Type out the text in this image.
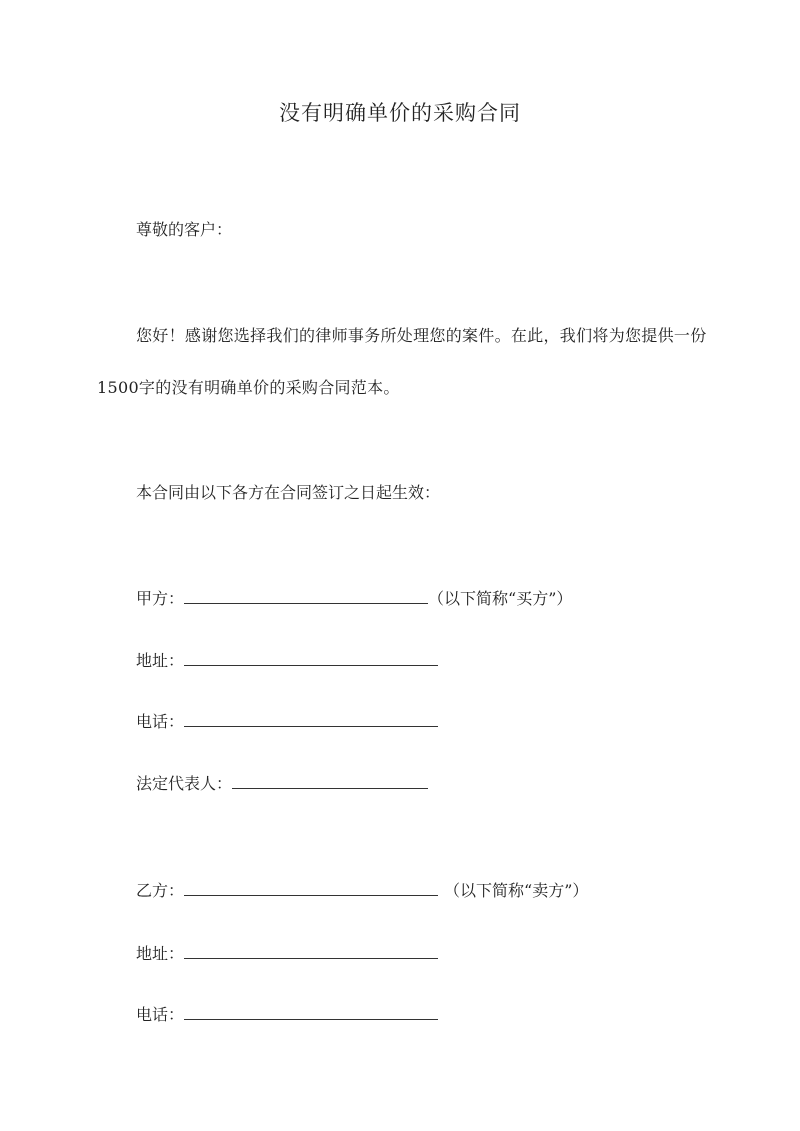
没有明确单价的采购合同
尊敬的客户：
您好！感谢您选择我们的律师事务所处理您的案件。在此，我们将为您提供一份1500字的没有明确单价的采购合同范本。
本合同由以下各方在合同签订之日起生效：
甲方：	（以下简称“买方”）
地址：
电话：
法定代表人：
乙方：	（以下简称“卖方”）
地址：
电话：
